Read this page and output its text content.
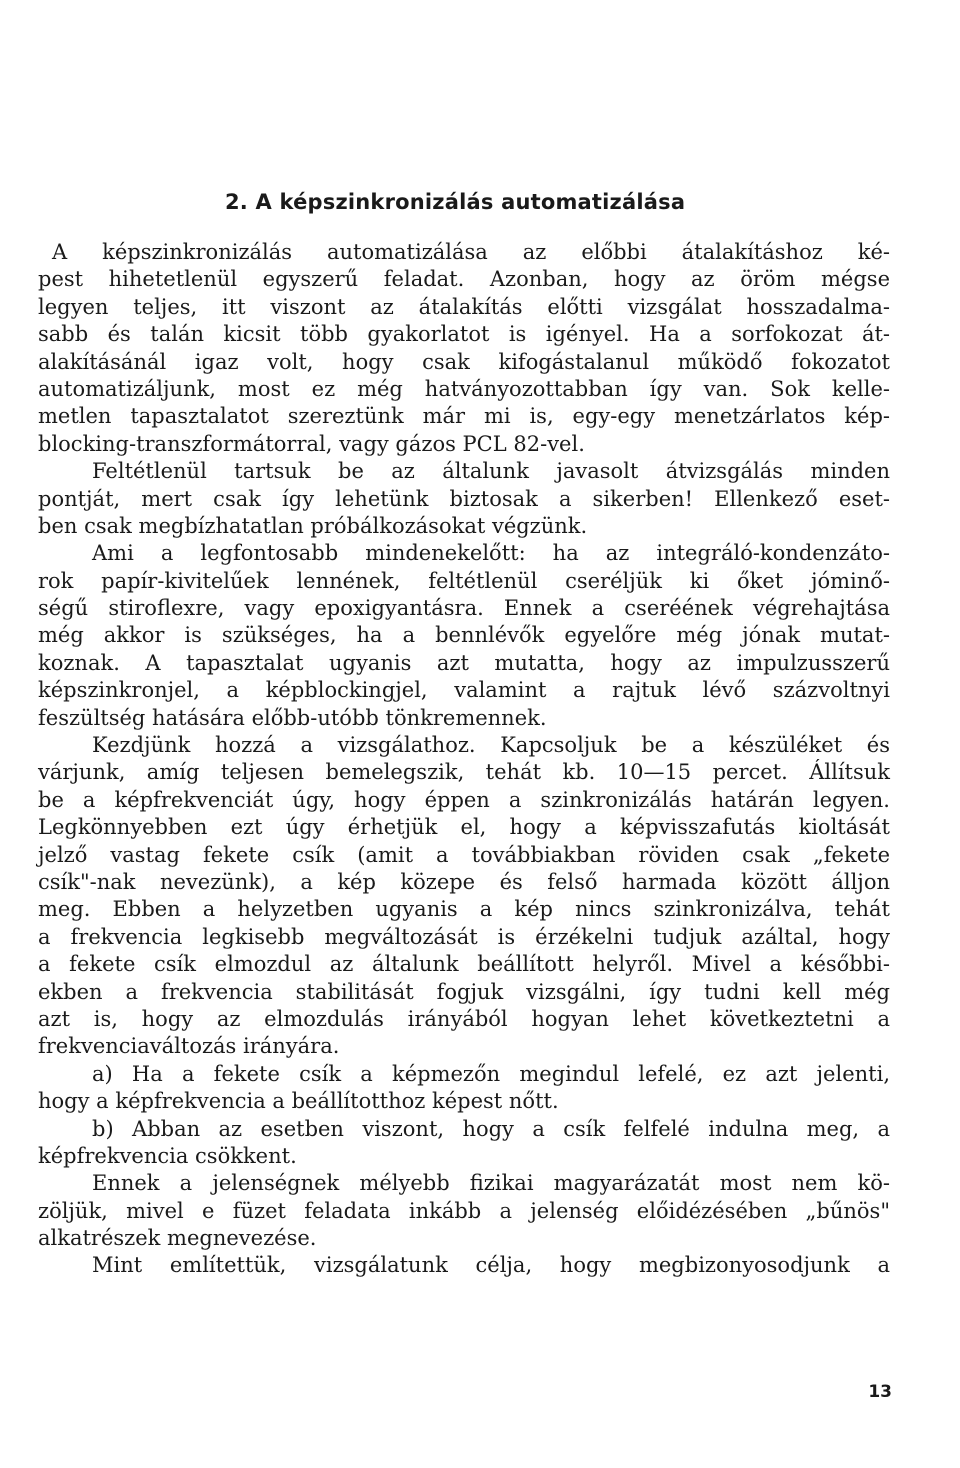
2. A képszinkronizálás automatizálása
A képszinkronizálás automatizálása az előbbi átalakításhoz ké-
pest hihetetlenül egyszerű feladat. Azonban, hogy az öröm mégse
legyen teljes, itt viszont az átalakítás előtti vizsgálat hosszadalma-
sabb és talán kicsit több gyakorlatot is igényel. Ha a sorfokozat át-
alakításánál igaz volt, hogy csak kifogástalanul működő fokozatot
automatizáljunk, most ez még hatványozottabban így van. Sok kelle-
metlen tapasztalatot szereztünk már mi is, egy-egy menetzárlatos kép-
blocking-transzformátorral, vagy gázos PCL 82-vel.
Feltétlenül tartsuk be az általunk javasolt átvizsgálás minden
pontját, mert csak így lehetünk biztosak a sikerben! Ellenkező eset-
ben csak megbízhatatlan próbálkozásokat végzünk.
Ami a legfontosabb mindenekelőtt: ha az integráló-kondenzáto-
rok papír-kivitelűek lennének, feltétlenül cseréljük ki őket jóminő-
ségű stiroflexre, vagy epoxigyantásra. Ennek a cseréének végrehajtása
még akkor is szükséges, ha a bennlévők egyelőre még jónak mutat-
koznak. A tapasztalat ugyanis azt mutatta, hogy az impulzusszerű
képszinkronjel, a képblockingjel, valamint a rajtuk lévő százvoltnyi
feszültség hatására előbb-utóbb tönkremennek.
Kezdjünk hozzá a vizsgálathoz. Kapcsoljuk be a készüléket és
várjunk, amíg teljesen bemelegszik, tehát kb. 10—15 percet. Állítsuk
be a képfrekvenciát úgy, hogy éppen a szinkronizálás határán legyen.
Legkönnyebben ezt úgy érhetjük el, hogy a képvisszafutás kioltását
jelző vastag fekete csík (amit a továbbiakban röviden csak „fekete
csík"-nak nevezünk), a kép közepe és felső harmada között álljon
meg. Ebben a helyzetben ugyanis a kép nincs szinkronizálva, tehát
a frekvencia legkisebb megváltozását is érzékelni tudjuk azáltal, hogy
a fekete csík elmozdul az általunk beállított helyről. Mivel a későbbi-
ekben a frekvencia stabilitását fogjuk vizsgálni, így tudni kell még
azt is, hogy az elmozdulás irányából hogyan lehet következtetni a
frekvenciaváltozás irányára.
a) Ha a fekete csík a képmezőn megindul lefelé, ez azt jelenti,
hogy a képfrekvencia a beállítotthoz képest nőtt.
b) Abban az esetben viszont, hogy a csík felfelé indulna meg, a
képfrekvencia csökkent.
Ennek a jelenségnek mélyebb fizikai magyarázatát most nem kö-
zöljük, mivel e füzet feladata inkább a jelenség előidézésében „bűnös"
alkatrészek megnevezése.
Mint említettük, vizsgálatunk célja, hogy megbizonyosodjunk a
13
